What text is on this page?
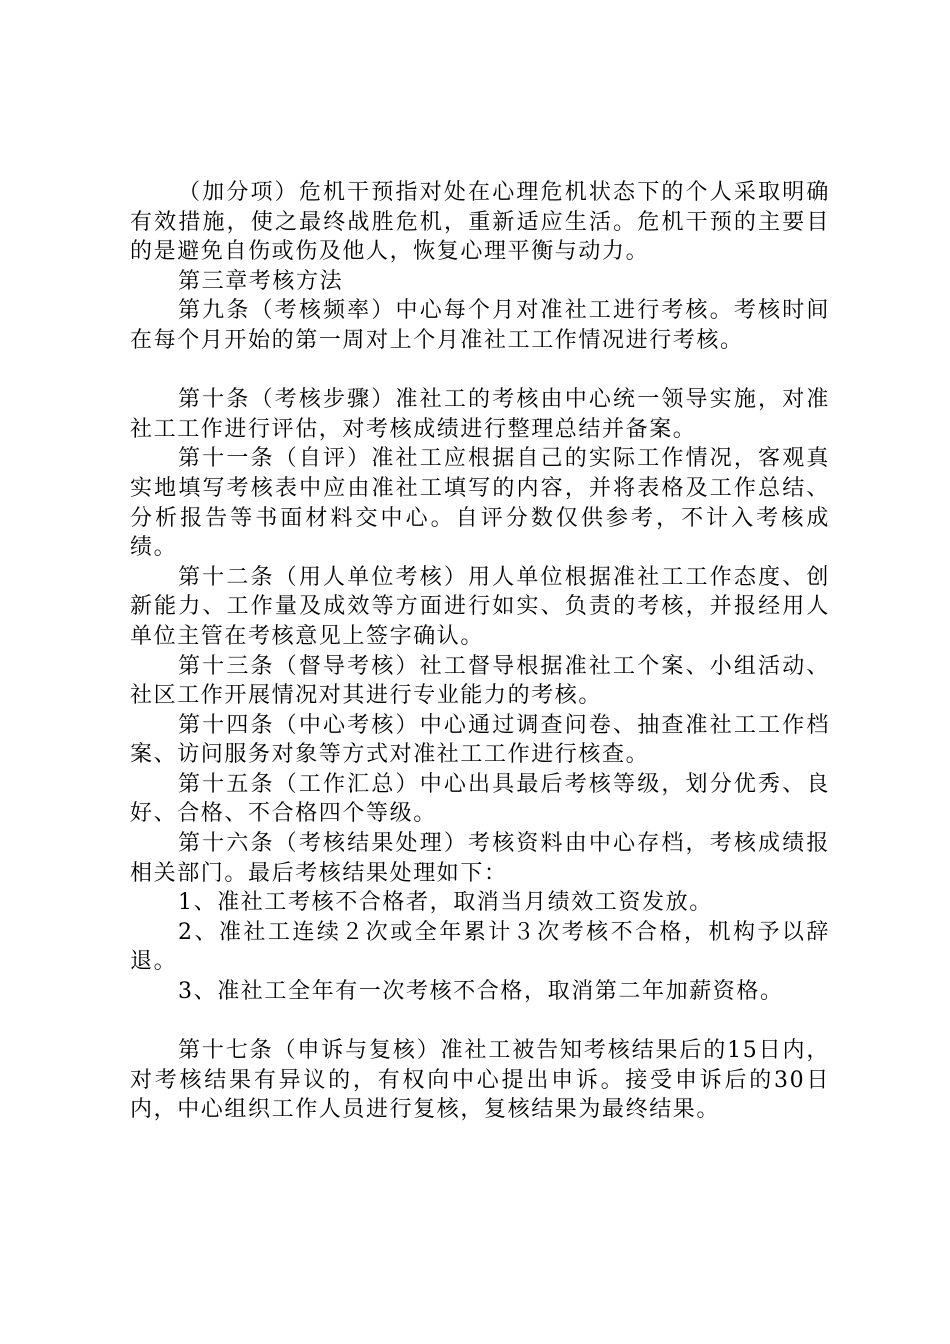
（加分项）危机干预指对处在心理危机状态下的个人采取明确有效措施，使之最终战胜危机，重新适应生活。危机干预的主要目的是避免自伤或伤及他人，恢复心理平衡与动力。

第三章考核方法

第九条（考核频率）中心每个月对准社工进行考核。考核时间在每个月开始的第一周对上个月准社工工作情况进行考核。

第十条（考核步骤）准社工的考核由中心统一领导实施，对准社工工作进行评估，对考核成绩进行整理总结并备案。

第十一条（自评）准社工应根据自己的实际工作情况，客观真实地填写考核表中应由准社工填写的内容，并将表格及工作总结、分析报告等书面材料交中心。自评分数仅供参考，不计入考核成绩。

第十二条（用人单位考核）用人单位根据准社工工作态度、创新能力、工作量及成效等方面进行如实、负责的考核，并报经用人单位主管在考核意见上签字确认。

第十三条（督导考核）社工督导根据准社工个案、小组活动、社区工作开展情况对其进行专业能力的考核。

第十四条（中心考核）中心通过调查问卷、抽查准社工工作档案、访问服务对象等方式对准社工工作进行核查。

第十五条（工作汇总）中心出具最后考核等级，划分优秀、良好、合格、不合格四个等级。

第十六条（考核结果处理）考核资料由中心存档，考核成绩报相关部门。最后考核结果处理如下：

1、准社工考核不合格者，取消当月绩效工资发放。

2、准社工连续２次或全年累计３次考核不合格，机构予以辞退。

3、准社工全年有一次考核不合格，取消第二年加薪资格。

第十七条（申诉与复核）准社工被告知考核结果后的15日内，对考核结果有异议的，有权向中心提出申诉。接受申诉后的30日内，中心组织工作人员进行复核，复核结果为最终结果。
